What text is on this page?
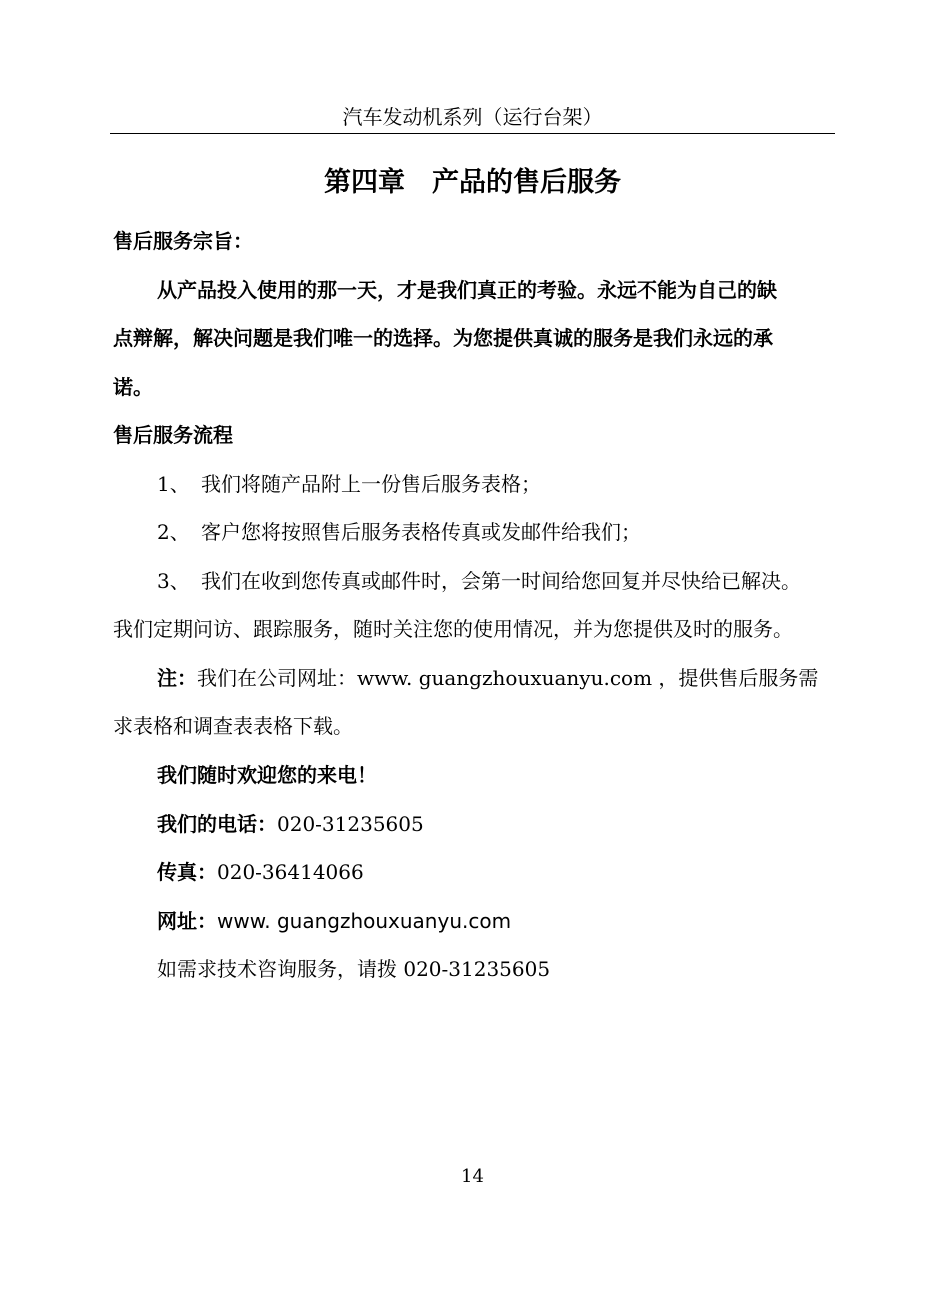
汽车发动机系列（运行台架）
第四章　产品的售后服务
售后服务宗旨：
从产品投入使用的那一天，才是我们真正的考验。永远不能为自己的缺
点辩解，解决问题是我们唯一的选择。为您提供真诚的服务是我们永远的承
诺。
售后服务流程
1、 我们将随产品附上一份售后服务表格；
2、 客户您将按照售后服务表格传真或发邮件给我们；
3、 我们在收到您传真或邮件时，会第一时间给您回复并尽快给已解决。
我们定期问访、跟踪服务，随时关注您的使用情况，并为您提供及时的服务。
注：我们在公司网址：www. guangzhouxuanyu.com ，提供售后服务需
求表格和调查表表格下载。
我们随时欢迎您的来电！
我们的电话：020-31235605
传真：020-36414066
网址：www. guangzhouxuanyu.com
如需求技术咨询服务，请拨 020-31235605
14
